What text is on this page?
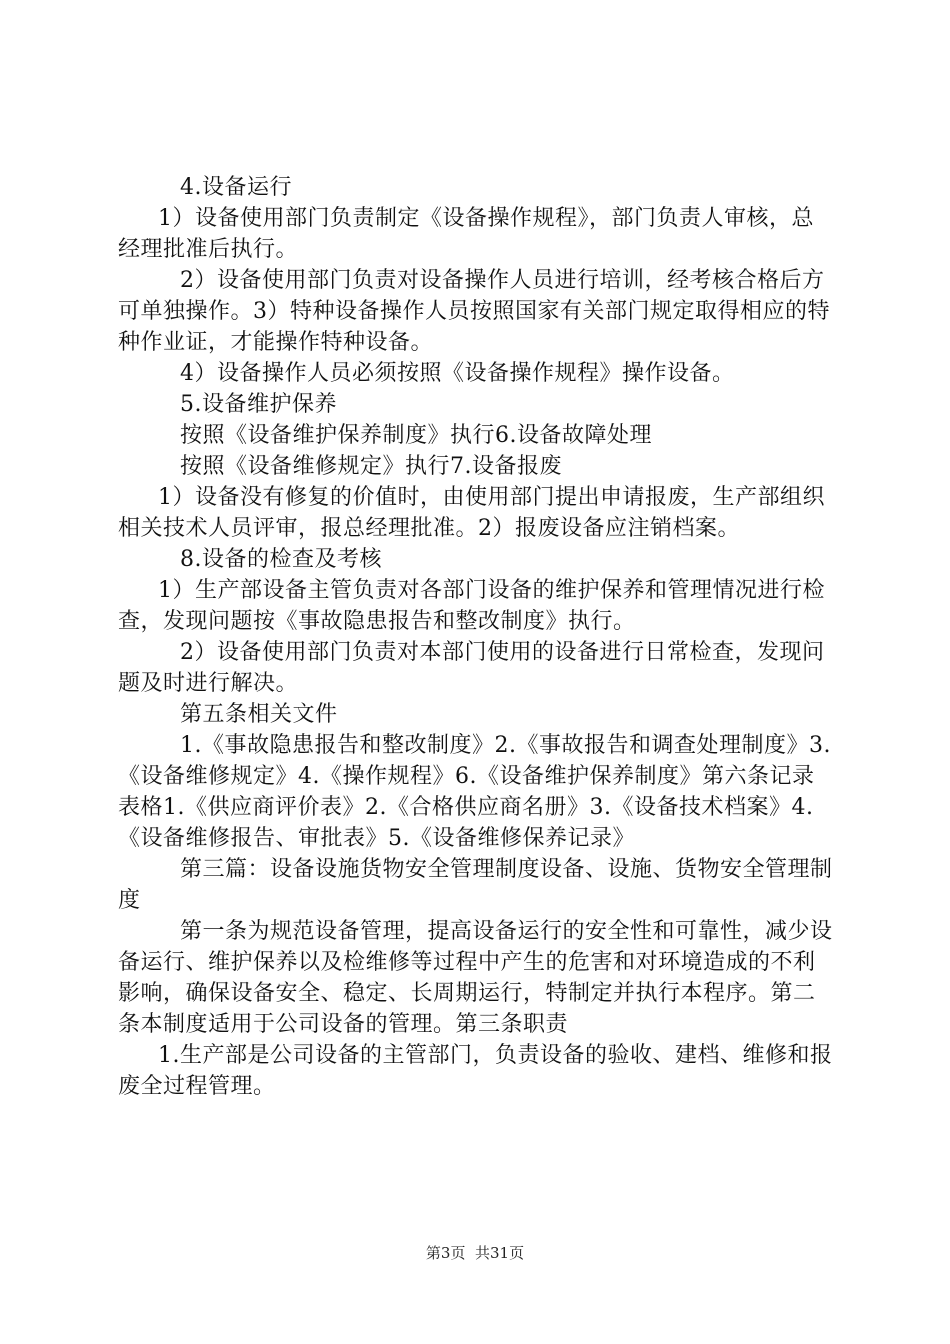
4.设备运行

1）设备使用部门负责制定《设备操作规程》，部门负责人审核，总经理批准后执行。

2）设备使用部门负责对设备操作人员进行培训，经考核合格后方可单独操作。3）特种设备操作人员按照国家有关部门规定取得相应的特种作业证，才能操作特种设备。

4）设备操作人员必须按照《设备操作规程》操作设备。

5.设备维护保养

按照《设备维护保养制度》执行6.设备故障处理

按照《设备维修规定》执行7.设备报废

1）设备没有修复的价值时，由使用部门提出申请报废，生产部组织相关技术人员评审，报总经理批准。2）报废设备应注销档案。

8.设备的检查及考核

1）生产部设备主管负责对各部门设备的维护保养和管理情况进行检查，发现问题按《事故隐患报告和整改制度》执行。

2）设备使用部门负责对本部门使用的设备进行日常检查，发现问题及时进行解决。

第五条相关文件

1.《事故隐患报告和整改制度》2.《事故报告和调查处理制度》3.《设备维修规定》4.《操作规程》6.《设备维护保养制度》第六条记录表格1.《供应商评价表》2.《合格供应商名册》3.《设备技术档案》4.《设备维修报告、审批表》5.《设备维修保养记录》

第三篇：设备设施货物安全管理制度设备、设施、货物安全管理制度

第一条为规范设备管理，提高设备运行的安全性和可靠性，减少设备运行、维护保养以及检维修等过程中产生的危害和对环境造成的不利影响，确保设备安全、稳定、长周期运行，特制定并执行本程序。第二条本制度适用于公司设备的管理。第三条职责

1.生产部是公司设备的主管部门，负责设备的验收、建档、维修和报废全过程管理。

第3页  共31页
